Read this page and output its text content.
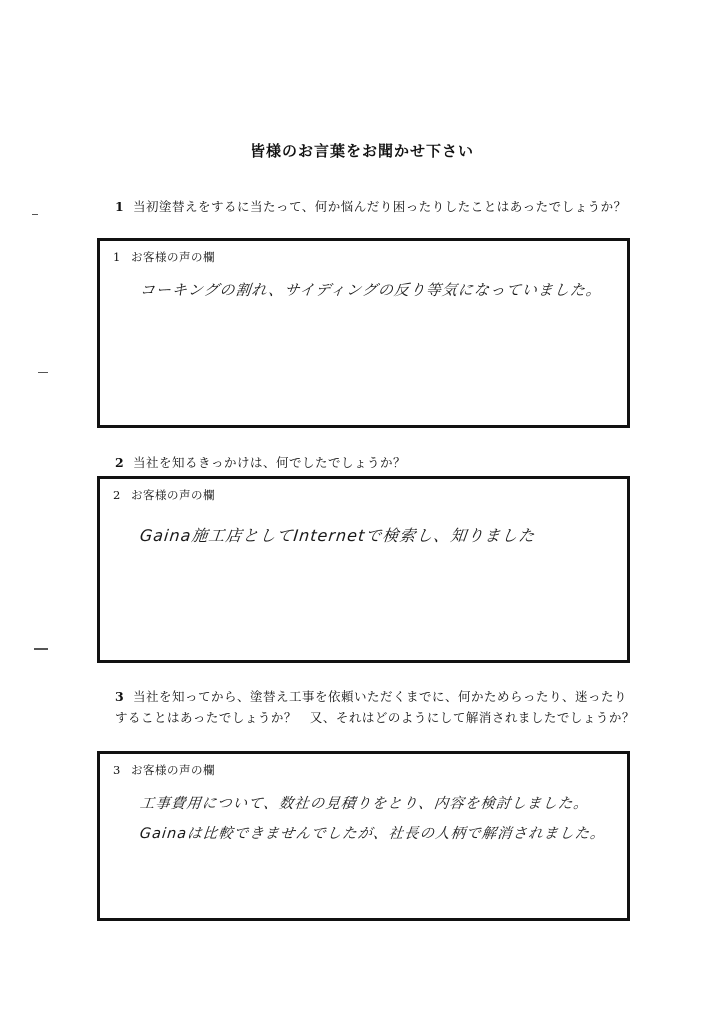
皆様のお言葉をお聞かせ下さい
1 当初塗替えをするに当たって、何か悩んだり困ったりしたことはあったでしょうか？
1 お客様の声の欄
コーキングの割れ、サイディングの反り等気になっていました。
2 当社を知るきっかけは、何でしたでしょうか？
2 お客様の声の欄
Gaina施工店としてInternetで検索し、知りました
3 当社を知ってから、塗替え工事を依頼いただくまでに、何かためらったり、迷ったりすることはあったでしょうか？　又、それはどのようにして解消されましたでしょうか？
3 お客様の声の欄
工事費用について、数社の見積りをとり、内容を検討しました。
Gainaは比較できませんでしたが、社長の人柄で解消されました。
